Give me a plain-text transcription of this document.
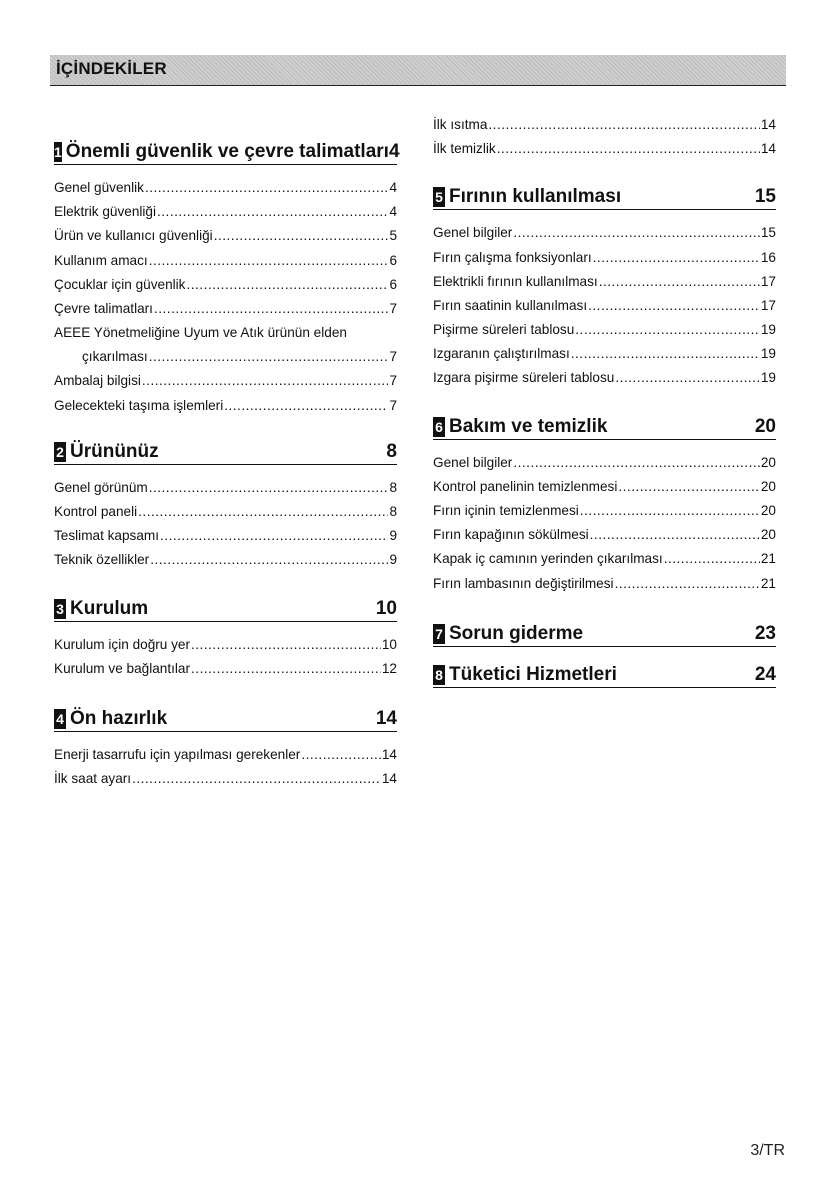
İÇİNDEKİLER
1 Önemli güvenlik ve çevre talimatları 4
Genel güvenlik .....	4
Elektrik güvenliği .....	4
Ürün ve kullanıcı güvenliği .....	5
Kullanım amacı .....	6
Çocuklar için güvenlik .....	6
Çevre talimatları .....	7
AEEE Yönetmeliğine Uyum ve Atık ürünün elden
çıkarılması .....	7
Ambalaj bilgisi .....	7
Gelecekteki taşıma işlemleri .....	7
2 Ürününüz	8
Genel görünüm .....	8
Kontrol paneli .....	8
Teslimat kapsamı .....	9
Teknik özellikler .....	9
3 Kurulum	10
Kurulum için doğru yer .....	10
Kurulum ve bağlantılar .....	12
4 Ön hazırlık	14
Enerji tasarrufu için yapılması gerekenler .....	14
İlk saat ayarı .....	14
İlk ısıtma .....	14
İlk temizlik .....	14
5 Fırının kullanılması	15
Genel bilgiler .....	15
Fırın çalışma fonksiyonları .....	16
Elektrikli fırının kullanılması .....	17
Fırın saatinin kullanılması .....	17
Pişirme süreleri tablosu .....	19
Izgaranın çalıştırılması .....	19
Izgara pişirme süreleri tablosu .....	19
6 Bakım ve temizlik	20
Genel bilgiler .....	20
Kontrol panelinin temizlenmesi .....	20
Fırın içinin temizlenmesi .....	20
Fırın kapağının sökülmesi .....	20
Kapak iç camının yerinden çıkarılması .....	21
Fırın lambasının değiştirilmesi .....	21
7 Sorun giderme	23
8 Tüketici Hizmetleri	24
3/TR
